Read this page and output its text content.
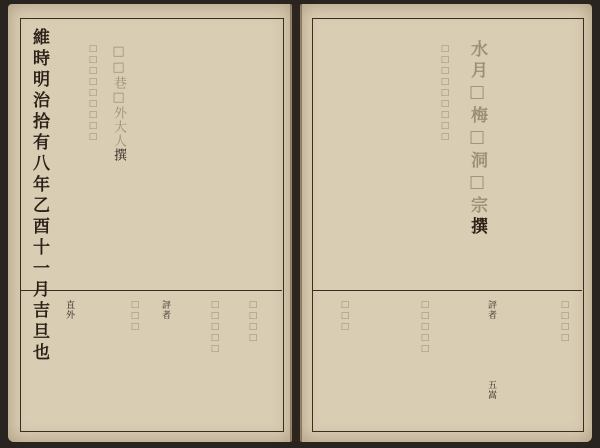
維時明治拾有八年乙酉十一月吉旦也	□□巷□外大人撰
□□□□□□□□□
評者
直外	□□□□
□□□□□
□□□
水月□梅□洞□宗撰
□□□□□□□□□
評者
五嵩
□□□□
□□□□□
□□□
